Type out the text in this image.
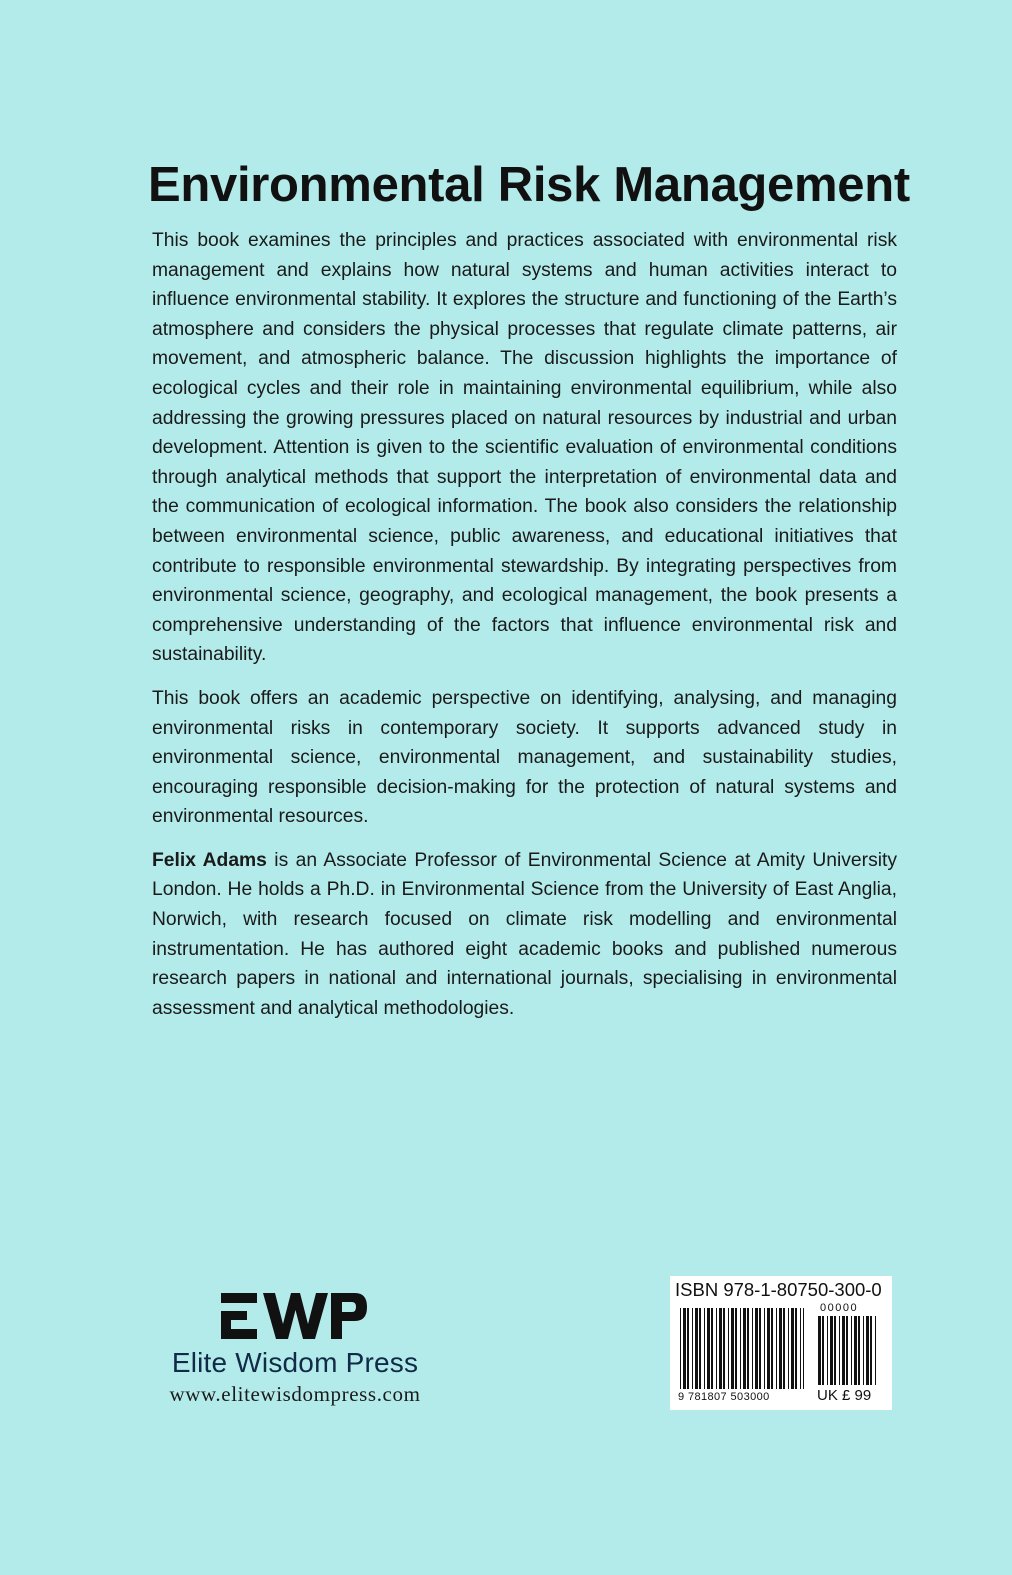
Environmental Risk Management

This book examines the principles and practices associated with environmental risk management and explains how natural systems and human activities interact to influence environmental stability. It explores the structure and functioning of the Earth’s atmosphere and considers the physical processes that regulate climate patterns, air movement, and atmospheric balance. The discussion highlights the importance of ecological cycles and their role in maintaining environmental equilibrium, while also addressing the growing pressures placed on natural resources by industrial and urban development. Attention is given to the scientific evaluation of environmental conditions through analytical methods that support the interpretation of environmental data and the communication of ecological information. The book also considers the relationship between environmental science, public awareness, and educational initiatives that contribute to responsible environmental stewardship. By integrating perspectives from environmental science, geography, and ecological management, the book presents a comprehensive understanding of the factors that influence environmental risk and sustainability.

This book offers an academic perspective on identifying, analysing, and managing environmental risks in contemporary society. It supports advanced study in environmental science, environmental management, and sustainability studies, encouraging responsible decision-making for the protection of natural systems and environmental resources.

Felix Adams is an Associate Professor of Environmental Science at Amity University London. He holds a Ph.D. in Environmental Science from the University of East Anglia, Norwich, with research focused on climate risk modelling and environmental instrumentation. He has authored eight academic books and published numerous research papers in national and international journals, specialising in environmental assessment and analytical methodologies.

Elite Wisdom Press
www.elitewisdompress.com
ISBN 978-1-80750-300-0
00000
9 781807 503000	UK £ 99
